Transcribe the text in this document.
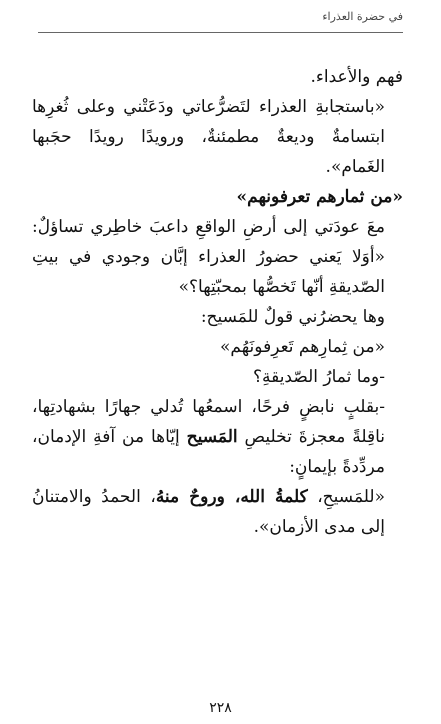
في حضرة العذراء

فهم والأعداء.

«باستجابةِ العذراء لتَضرُّعاتي ودَعَتْني وعلى ثُغرِها ابتسامةٌ وديعةٌ مطمئنةٌ، ورويدًا رويدًا حجَبها الغَمام».

«من ثمارهم تعرفونهم»

معَ عودَتي إلى أرضِ الواقعِ داعبَ خاطِري تساؤلٌ: «أوَلا يَعني حضورُ العذراء إبَّان وجودي في بيتِ الصّديقةِ أنّها تَخصُّها بمحبّتِها؟»

وها يحضرُني قولٌ للمَسيح:

«من ثِمارِهم تَعرِفونَهُم»

-وما ثمارُ الصّديقةِ؟

-بقلبٍ نابضٍ فرحًا، اسمعُها تُدلي جهارًا بشهادتِها، ناقِلةً معجزةَ تخليصِ المَسيح إيّاها من آفةِ الإدمان، مردِّدةً بإيمانٍ:

«للمَسيحِ، كلمةُ الله، وروحٌ منهُ، الحمدُ والامتنانُ إلى مدى الأزمان».

٢٢٨
